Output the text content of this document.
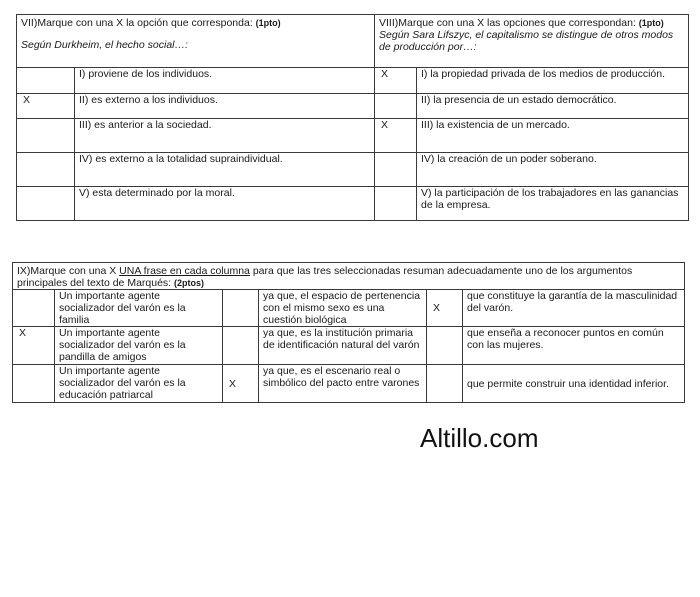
VII)Marque con una X la opción que corresponda: (1pto)
Según Durkheim, el hecho social…:		VIII)Marque con una X las opciones que correspondan: (1pto)
Según Sara Lifszyc, el capitalismo se distingue de otros modos de producción por…:	
	I) proviene de los individuos.	X	I) la propiedad privada de los medios de producción.
X	II) es externo a los individuos.		II) la presencia de un estado democrático.
	III) es anterior a la sociedad.	X	III) la existencia de un mercado.
	IV) es externo a la totalidad supraindividual.		IV) la creación de un poder soberano.
	V) esta determinado por la moral.		V) la participación de los trabajadores en las ganancias de la empresa.
IX)Marque con una X UNA frase en cada columna para que las tres seleccionadas resuman adecuadamente uno de los argumentos principales del texto de Marqués: (2ptos)					
	Un importante agente socializador del varón es la familia		ya que, el espacio de pertenencia con el mismo sexo es una cuestión biológica	X	que constituye la garantía de la masculinidad del varón.
X	Un importante agente socializador del varón es la pandilla de amigos		ya que, es la institución primaria de identificación natural del varón		que enseña a reconocer puntos en común con las mujeres.
	Un importante agente socializador del varón es la educación patriarcal	X	ya que, es el escenario real o simbólico del pacto entre varones		que permite construir una identidad inferior.
Altillo.com
